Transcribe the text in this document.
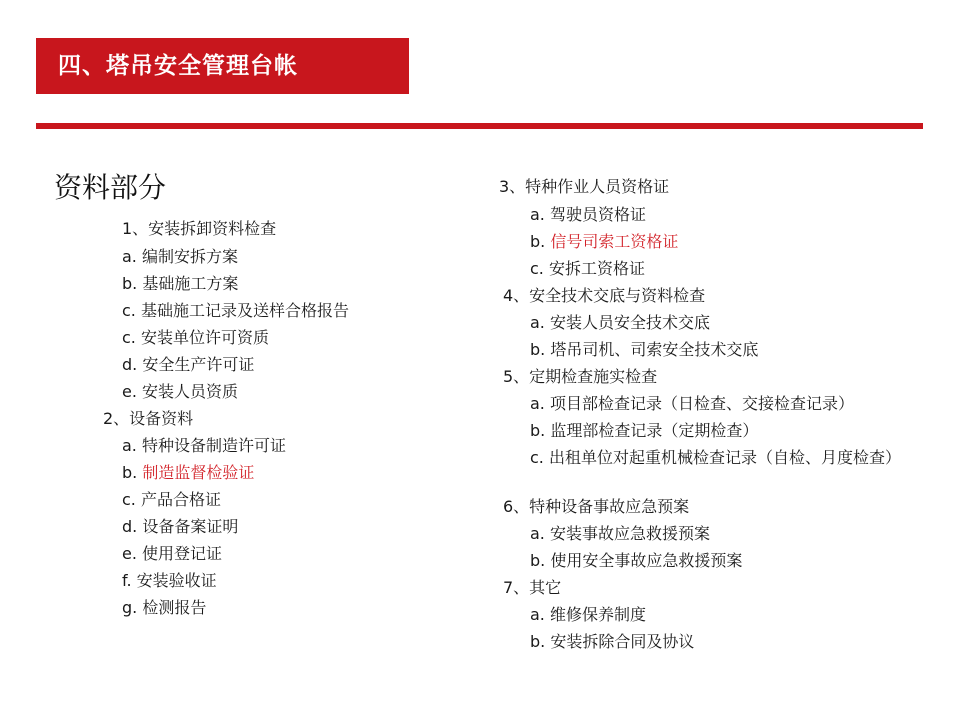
四、塔吊安全管理台帐
资料部分
1、安装拆卸资料检查
a. 编制安拆方案
b. 基础施工方案
c. 基础施工记录及送样合格报告
c. 安装单位许可资质
d. 安全生产许可证
e. 安装人员资质
2、设备资料
a. 特种设备制造许可证
b. 制造监督检验证
c. 产品合格证
d. 设备备案证明
e. 使用登记证
f. 安装验收证
g. 检测报告
3、特种作业人员资格证
a. 驾驶员资格证
b. 信号司索工资格证
c. 安拆工资格证
4、安全技术交底与资料检查
a. 安装人员安全技术交底
b. 塔吊司机、司索安全技术交底
5、定期检查施实检查
a. 项目部检查记录（日检查、交接检查记录）
b. 监理部检查记录（定期检查）
c. 出租单位对起重机械检查记录（自检、月度检查）
6、特种设备事故应急预案
a. 安装事故应急救援预案
b. 使用安全事故应急救援预案
7、其它
a. 维修保养制度
b. 安装拆除合同及协议
